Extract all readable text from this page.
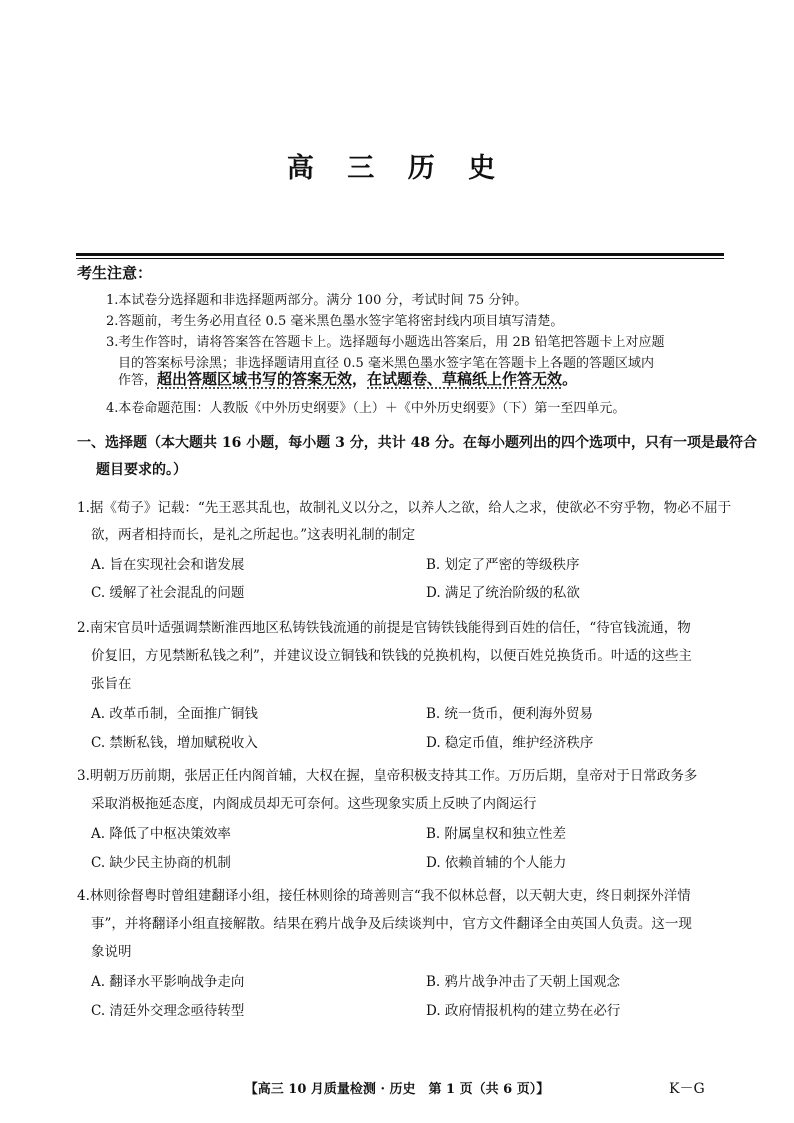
高 三 历 史
考生注意：
1.本试卷分选择题和非选择题两部分。满分 100 分，考试时间 75 分钟。
2.答题前，考生务必用直径 0.5 毫米黑色墨水签字笔将密封线内项目填写清楚。
3.考生作答时，请将答案答在答题卡上。选择题每小题选出答案后，用 2B 铅笔把答题卡上对应题
目的答案标号涂黑；非选择题请用直径 0.5 毫米黑色墨水签字笔在答题卡上各题的答题区域内
作答，超出答题区域书写的答案无效，在试题卷、草稿纸上作答无效。
4.本卷命题范围：人教版《中外历史纲要》（上）＋《中外历史纲要》（下）第一至四单元。
一、选择题（本大题共 16 小题，每小题 3 分，共计 48 分。在每小题列出的四个选项中，只有一项是最符合
题目要求的。）
1.据《荀子》记载：“先王恶其乱也，故制礼义以分之，以养人之欲，给人之求，使欲必不穷乎物，物必不屈于
欲，两者相持而长，是礼之所起也。”这表明礼制的制定
A. 旨在实现社会和谐发展	B. 划定了严密的等级秩序
C. 缓解了社会混乱的问题	D. 满足了统治阶级的私欲
2.南宋官员叶适强调禁断淮西地区私铸铁钱流通的前提是官铸铁钱能得到百姓的信任，“待官钱流通，物
价复旧，方见禁断私钱之利”，并建议设立铜钱和铁钱的兑换机构，以便百姓兑换货币。叶适的这些主
张旨在
A. 改革币制，全面推广铜钱	B. 统一货币，便利海外贸易
C. 禁断私钱，增加赋税收入	D. 稳定币值，维护经济秩序
3.明朝万历前期，张居正任内阁首辅，大权在握，皇帝积极支持其工作。万历后期，皇帝对于日常政务多
采取消极拖延态度，内阁成员却无可奈何。这些现象实质上反映了内阁运行
A. 降低了中枢决策效率	B. 附属皇权和独立性差
C. 缺少民主协商的机制	D. 依赖首辅的个人能力
4.林则徐督粤时曾组建翻译小组，接任林则徐的琦善则言“我不似林总督，以天朝大吏，终日刺探外洋情
事”，并将翻译小组直接解散。结果在鸦片战争及后续谈判中，官方文件翻译全由英国人负责。这一现
象说明
A. 翻译水平影响战争走向	B. 鸦片战争冲击了天朝上国观念
C. 清廷外交理念亟待转型	D. 政府情报机构的建立势在必行
【高三 10 月质量检测 · 历史　第 1 页（共 6 页）】	K－G
